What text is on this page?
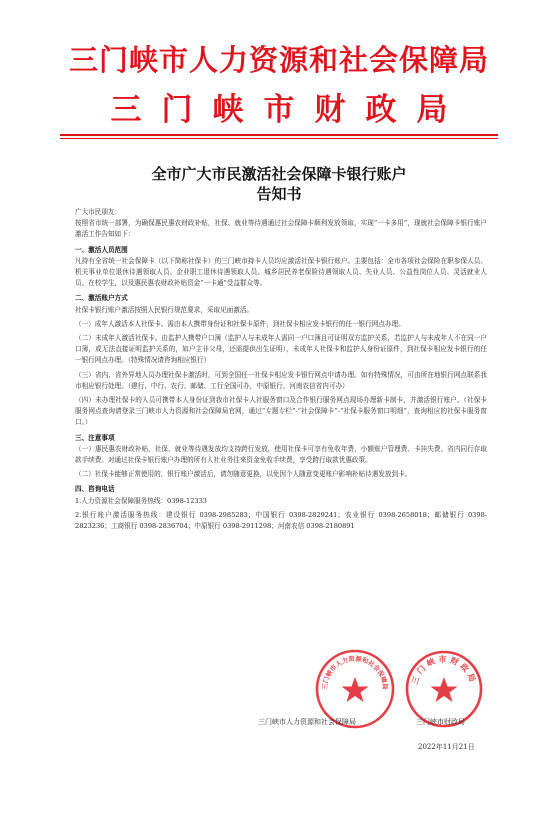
三门峡市人力资源和社会保障局
三门峡市财政局
全市广大市民激活社会保障卡银行账户
告知书

广大市民朋友：

按照省市统一部署，为确保惠民惠农财政补贴，社保、就业等待遇通过社会保障卡顺利发放领取，实现“一卡多用”，现就社会保障卡银行账户激活工作告知如下：

一、激活人员范围

凡持有全省统一社会保障卡（以下简称社保卡）的三门峡市持卡人员均应激活社保卡银行账户。主要包括：全市各项社会保险在职参保人员、机关事业单位退休待遇领取人员、企业职工退休待遇领取人员、城乡居民养老保险待遇领取人员、失业人员、公益性岗位人员、灵活就业人员、在校学生，以及惠民惠农财政补贴资金“一卡通”受益群众等。

二、激活账户方式

社保卡银行账户激活按照人民银行规范要求，采取见面激活。

（一）成年人激活本人社保卡。需由本人携带身份证和社保卡原件，到社保卡相应发卡银行的任一银行网点办理。

（二）未成年人激活社保卡。由监护人携带户口簿（监护人与未成年人需同一户口簿且可证明双方监护关系，若监护人与未成年人不在同一户口簿，或无法直接证明监护关系的，如户主非父母，还需提供出生证明），未成年人社保卡和监护人身份证原件，到社保卡相应发卡银行的任一银行网点办理。（特殊情况请咨询相应银行）

（三）省内、省外异地人员办理社保卡激活时，可到全国任一社保卡相应发卡银行网点申请办理。如有特殊情况，可由所在地银行网点联系我市相应银行处理。（建行、中行、农行、邮储、工行全国可办，中原银行、河南农信省内可办）

（四）未办理社保卡的人员可携带本人身份证到我市社保卡人社服务窗口及合作银行服务网点现场办理新卡制卡，并激活银行账户。（社保卡服务网点查询请登录三门峡市人力资源和社会保障局官网，通过“专题专栏”-“社会保障卡”-“社保卡服务窗口明细”，查询相应的社保卡服务窗口。）

三、注意事项

（一）惠民惠农财政补贴，社保、就业等待遇发放均支持跨行发放，使用社保卡可享有免收年费、小额账户管理费、卡挂失费、省内同行存取款手续费。对通过社保卡银行账户办理的所有人社业务往来资金免收手续费，享受跨行取款优惠政策。

（二）社保卡能够正常使用的，银行账户激活后，请勿随意更换，以免因个人随意变更账户影响补贴待遇发放到卡。

四、咨询电话

1.人力资源社会保障服务热线：0398-12333

2.银行账户激活服务热线：建设银行 0398-2985283；中国银行 0398-2829241；农业银行 0398-2658018；邮储银行 0398-2823236；工商银行 0398-2836704；中原银行 0398-2911298；河南农信 0398-2180891

三门峡市人力资源和社会保障局
三门峡市财政局
三门峡市人力资源和社会保障局	三门峡市财政局
2022年11月21日
